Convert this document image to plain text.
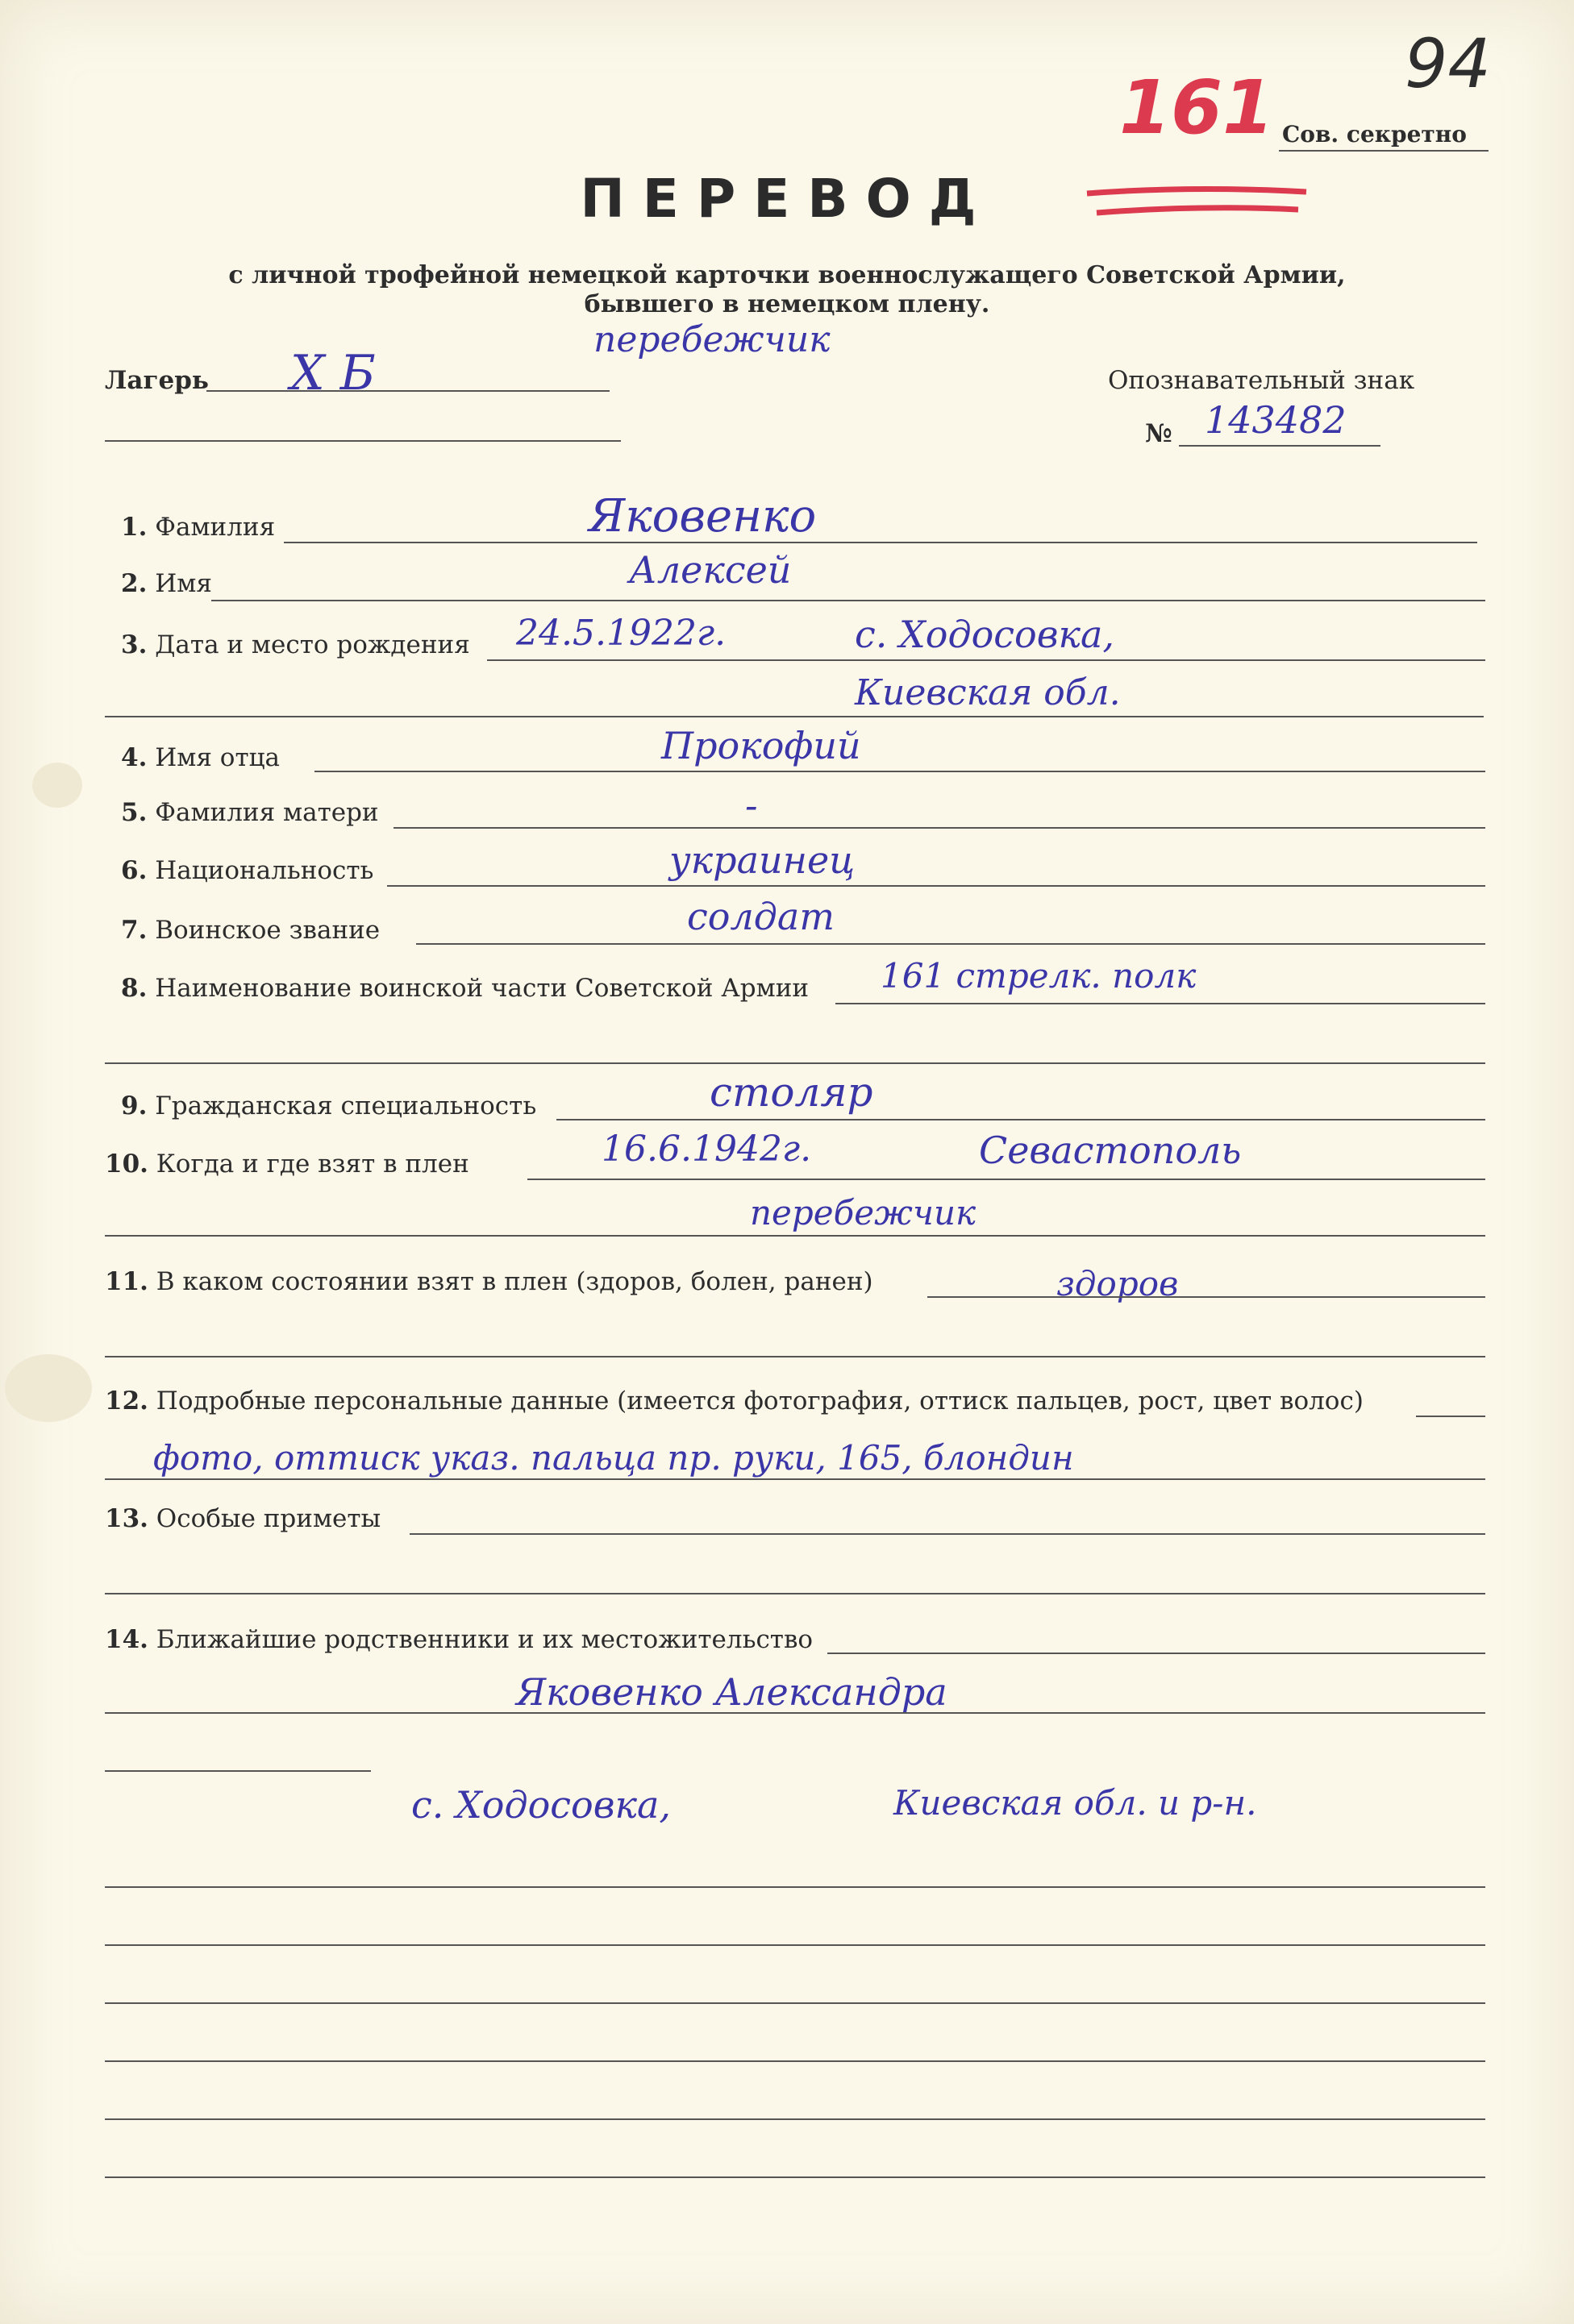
94
161 Сов. секретно
ПЕРЕВОД
с личной трофейной немецкой карточки военнослужащего Советской Армии,
бывшего в немецком плену.
перебежчик
Лагерь X Б	Опознавательный знак
№ 143482
1. Фамилия	Яковенко
2. Имя	Алексей
3. Дата и место рождения 24.5.1922г.	с. Ходосовка,
Киевская обл.
4. Имя отца	Прокофий
5. Фамилия матери	-
6. Национальность	украинец
7. Воинское звание	солдат
8. Наименование воинской части Советской Армии 161 стрелк. полк
9. Гражданская специальность	столяр
10. Когда и где взят в плен	16.6.1942г.	Севастополь
перебежчик
11. В каком состоянии взят в плен (здоров, болен, ранен)	здоров
12. Подробные персональные данные (имеется фотография, оттиск пальцев, рост, цвет волос)
фото, оттиск указ. пальца пр. руки, 165, блондин
13. Особые приметы
14. Ближайшие родственники и их местожительство
Яковенко Александра
с. Ходосовка,	Киевская обл. и р-н.
